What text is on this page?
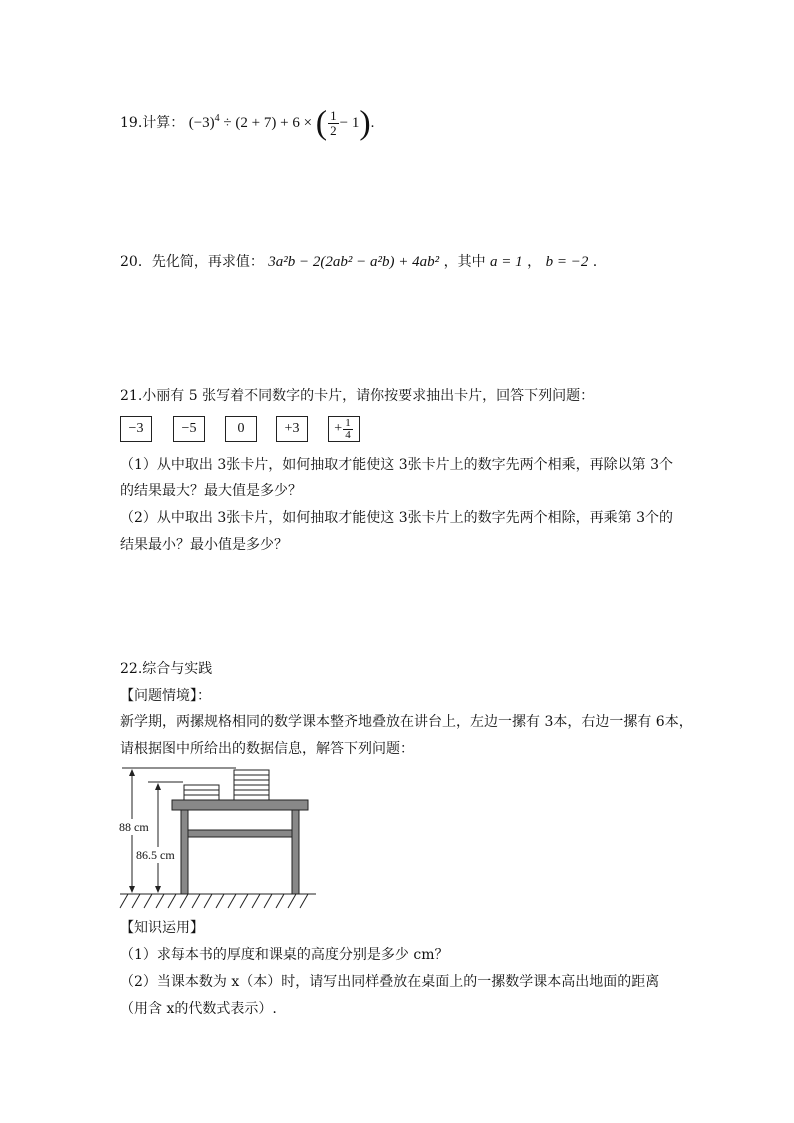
19.计算： $(-3)^4 \div (2 + 7) + 6$ × ( $\frac{1}{2} - 1$).
20．先化简，再求值： 3a²b − 2(2ab² − a²b) + 4ab² ，其中 a = 1 ， b = −2 .
21.小丽有 5 张写着不同数字的卡片，请你按要求抽出卡片，回答下列问题：
−3	−5	0	$+3 + \frac{1}{4}$
（1）从中取出 3张卡片，如何抽取才能使这 3张卡片上的数字先两个相乘，再除以第 3个
的结果最大？最大值是多少？
（2）从中取出 3张卡片，如何抽取才能使这 3张卡片上的数字先两个相除，再乘第 3个的
结果最小？最小值是多少？
22.综合与实践
【问题情境】：
新学期，两摞规格相同的数学课本整齐地叠放在讲台上，左边一摞有 3本，右边一摞有 6本，
请根据图中所给出的数据信息，解答下列问题：
88 cm
86.5 cm
【知识运用】
（1）求每本书的厚度和课桌的高度分别是多少 cm？
（2）当课本数为 x（本）时，请写出同样叠放在桌面上的一摞数学课本高出地面的距离
（用含 x的代数式表示）.
